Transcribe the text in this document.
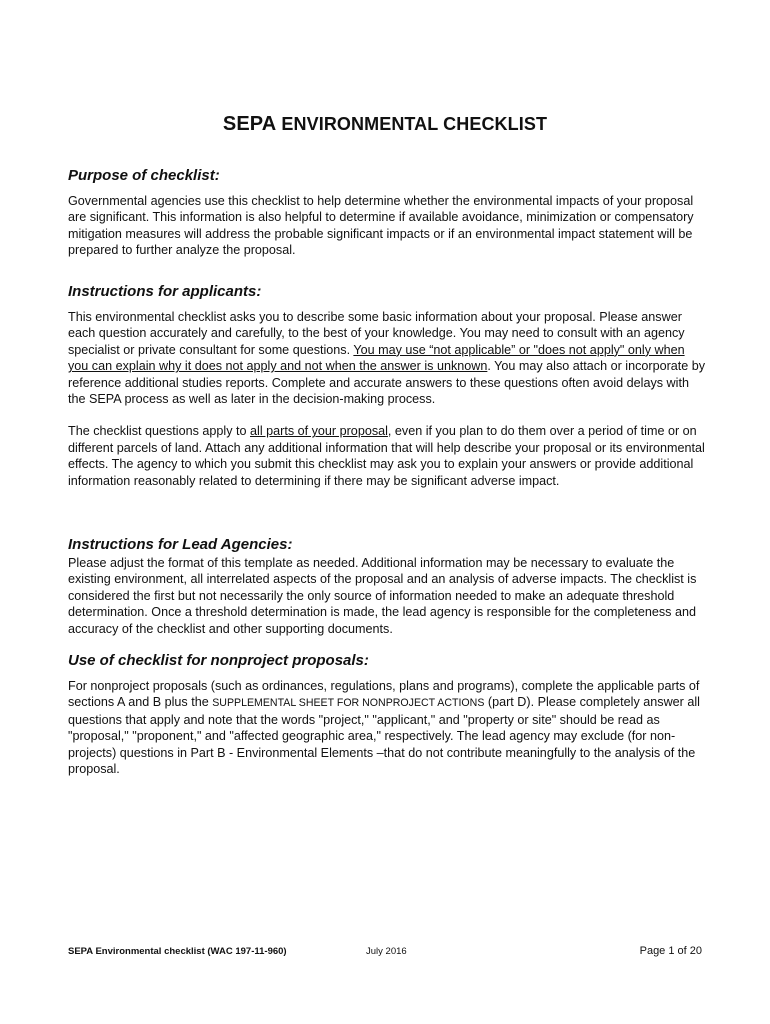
SEPA ENVIRONMENTAL CHECKLIST
Purpose of checklist:

Governmental agencies use this checklist to help determine whether the environmental impacts of your proposal are significant. This information is also helpful to determine if available avoidance, minimization or compensatory mitigation measures will address the probable significant impacts or if an environmental impact statement will be prepared to further analyze the proposal.

Instructions for applicants:

This environmental checklist asks you to describe some basic information about your proposal. Please answer each question accurately and carefully, to the best of your knowledge. You may need to consult with an agency specialist or private consultant for some questions. You may use “not applicable” or "does not apply" only when you can explain why it does not apply and not when the answer is unknown. You may also attach or incorporate by reference additional studies reports. Complete and accurate answers to these questions often avoid delays with the SEPA process as well as later in the decision-making process.

The checklist questions apply to all parts of your proposal, even if you plan to do them over a period of time or on different parcels of land. Attach any additional information that will help describe your proposal or its environmental effects. The agency to which you submit this checklist may ask you to explain your answers or provide additional information reasonably related to determining if there may be significant adverse impact.

Instructions for Lead Agencies:

Please adjust the format of this template as needed. Additional information may be necessary to evaluate the existing environment, all interrelated aspects of the proposal and an analysis of adverse impacts. The checklist is considered the first but not necessarily the only source of information needed to make an adequate threshold determination. Once a threshold determination is made, the lead agency is responsible for the completeness and accuracy of the checklist and other supporting documents.

Use of checklist for nonproject proposals:

For nonproject proposals (such as ordinances, regulations, plans and programs), complete the applicable parts of sections A and B plus the SUPPLEMENTAL SHEET FOR NONPROJECT ACTIONS (part D). Please completely answer all questions that apply and note that the words "project," "applicant," and "property or site" should be read as "proposal," "proponent," and "affected geographic area," respectively. The lead agency may exclude (for non-projects) questions in Part B - Environmental Elements –that do not contribute meaningfully to the analysis of the proposal.

SEPA Environmental checklist (WAC 197-11-960)	July 2016	Page 1 of 20
